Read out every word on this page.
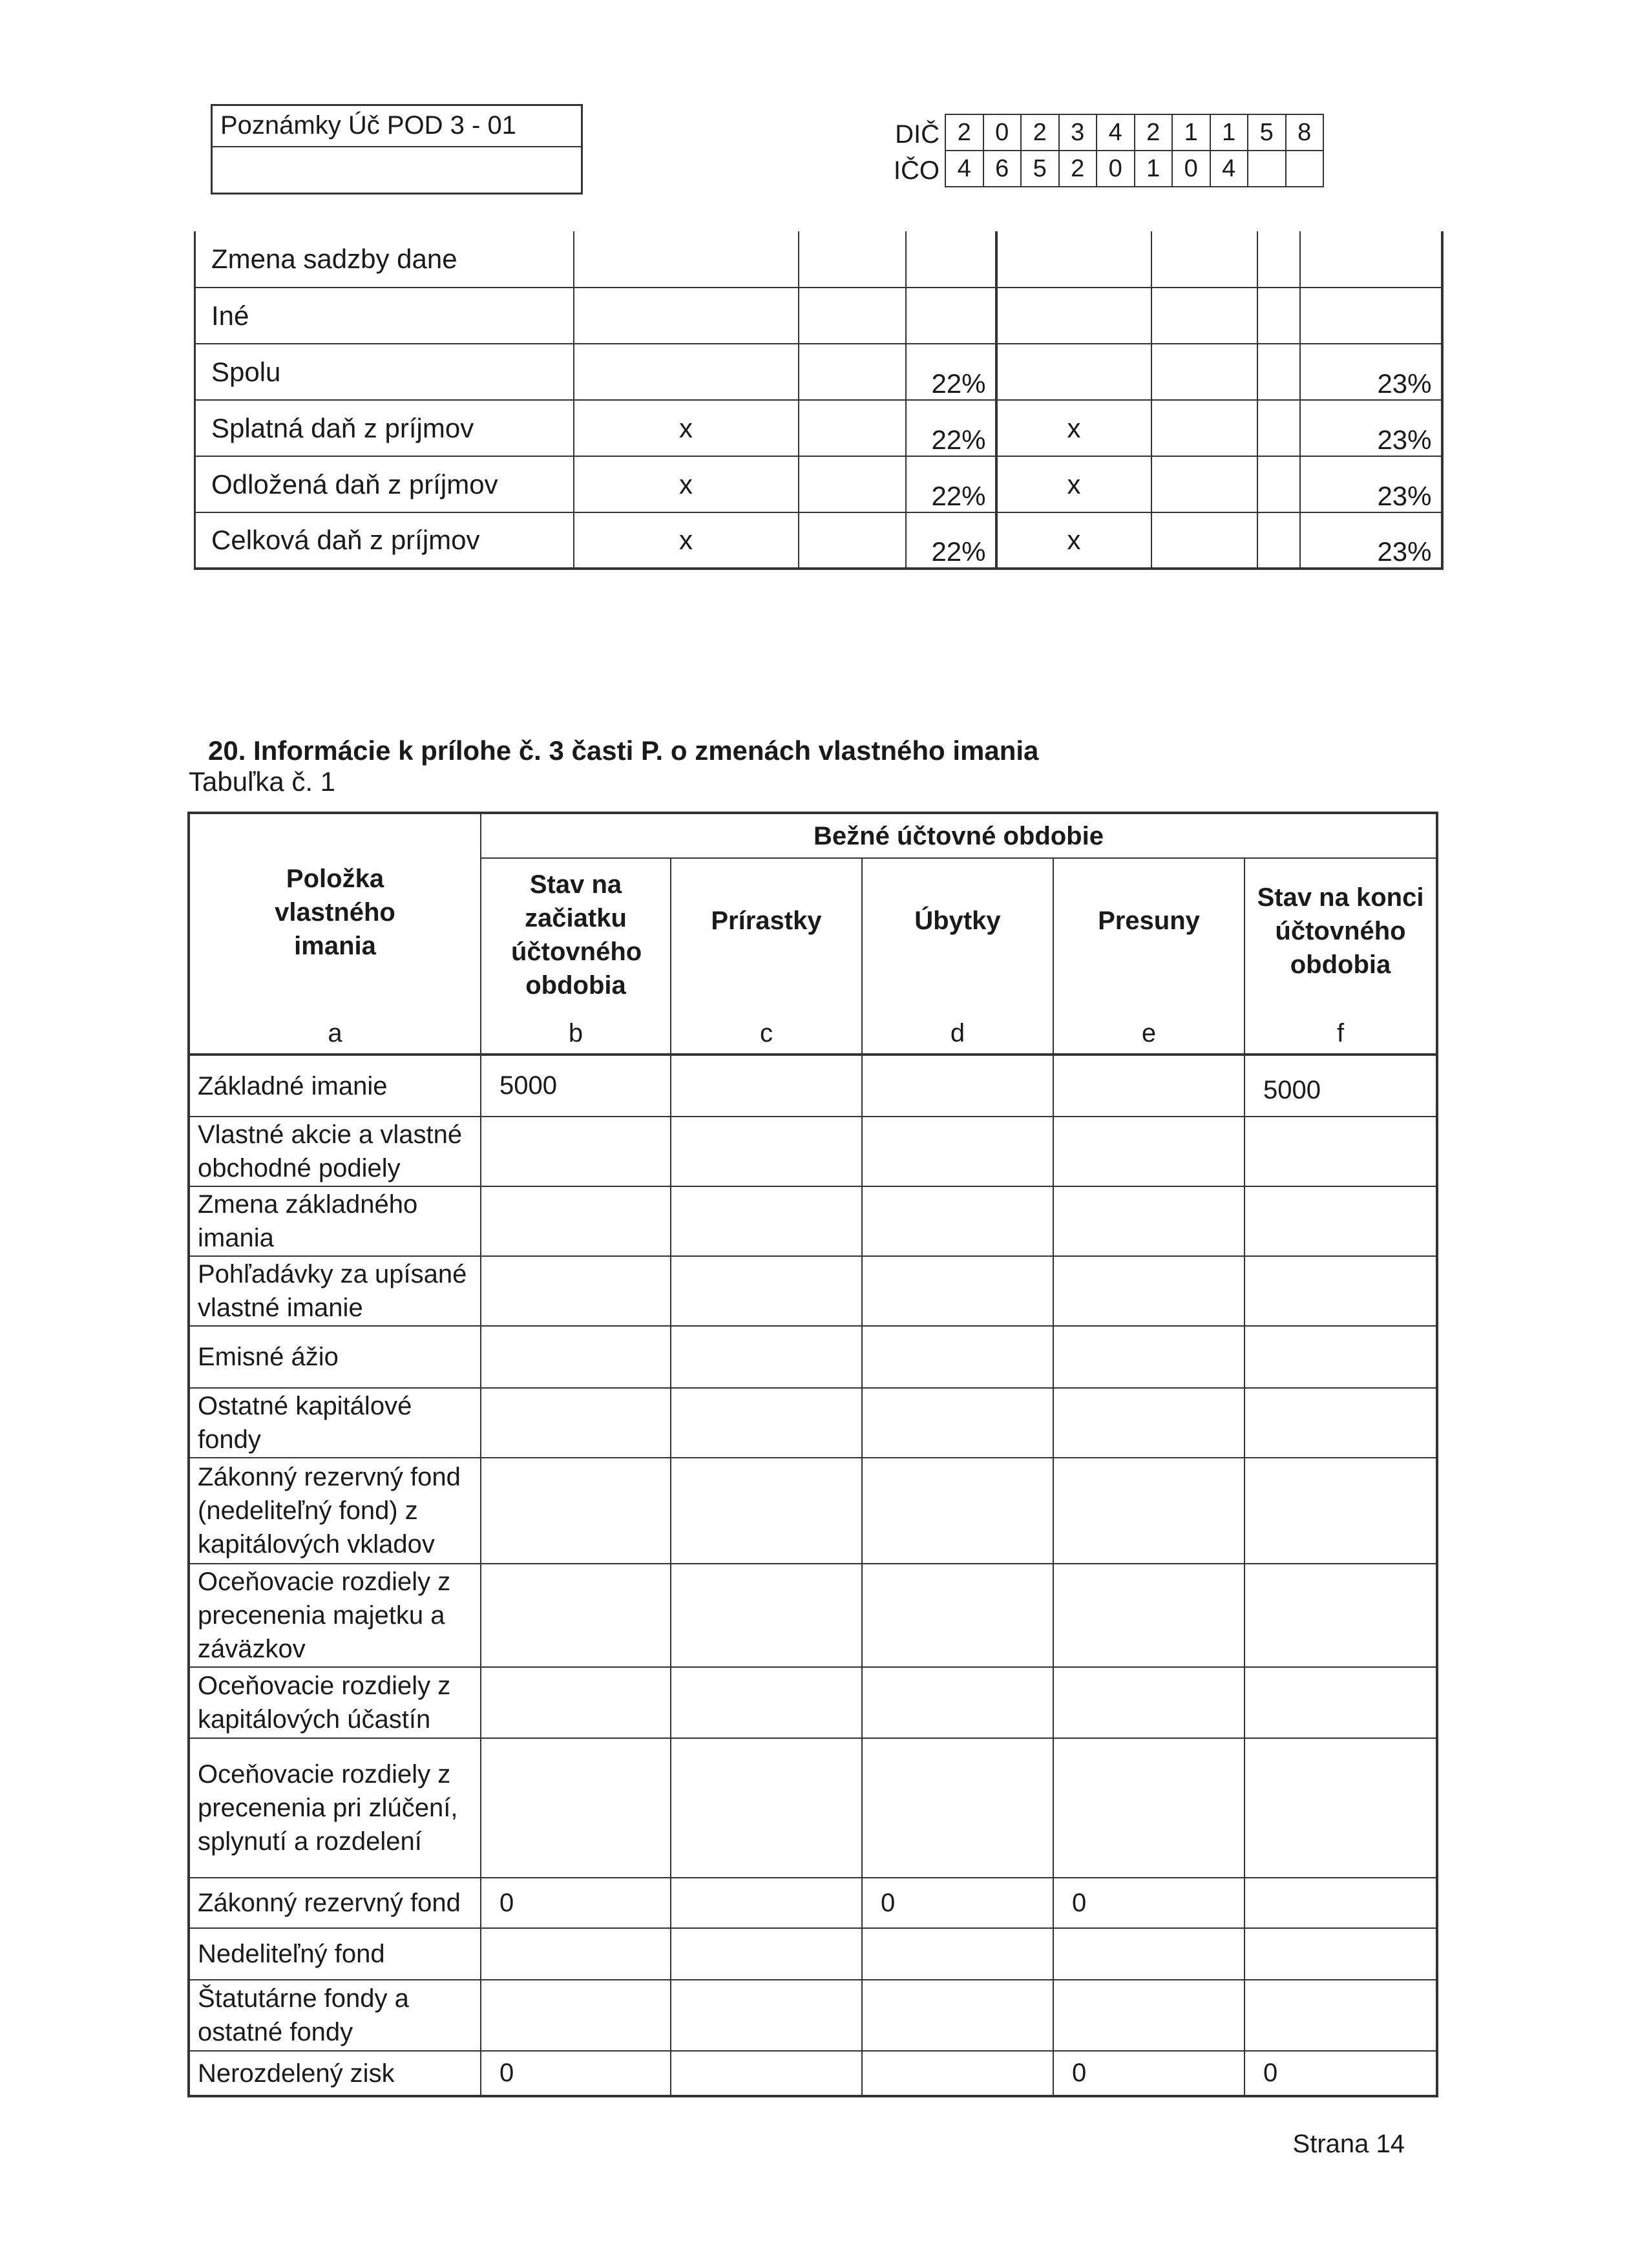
Poznámky Úč POD 3 - 01	DIČ
IČO
2	0	2	3	4	2	1	1	5	8
4	6	5	2	0	1	0	4		
Zmena sadzby dane							
Iné							
Spolu			22%				23%
Splatná daň z príjmov	x		22%	x			23%
Odložená daň z príjmov	x		22%	x			23%
Celková daň z príjmov	x		22%	x			23%
20. Informácie k prílohe č. 3 časti P. o zmenách vlastného imania
Tabuľka č. 1
Položka vlastného imania	Bežné účtovné obdobie				
	Stav na začiatku účtovného obdobia	Prírastky	Úbytky	Presuny	Stav na konci účtovného obdobia
a	b	c	d	e	f
Základné imanie	5000				5000
Vlastné akcie a vlastné obchodné podiely					
Zmena základného imania					
Pohľadávky za upísané vlastné imanie					
Emisné ážio					
Ostatné kapitálové fondy					
Zákonný rezervný fond (nedeliteľný fond) z kapitálových vkladov					
Oceňovacie rozdiely z precenenia majetku a záväzkov					
Oceňovacie rozdiely z kapitálových účastín					
Oceňovacie rozdiely z precenenia pri zlúčení, splynutí a rozdelení					
Zákonný rezervný fond	0		0	0	
Nedeliteľný fond					
Štatutárne fondy a ostatné fondy					
Nerozdelený zisk	0			0	0
Strana 14
